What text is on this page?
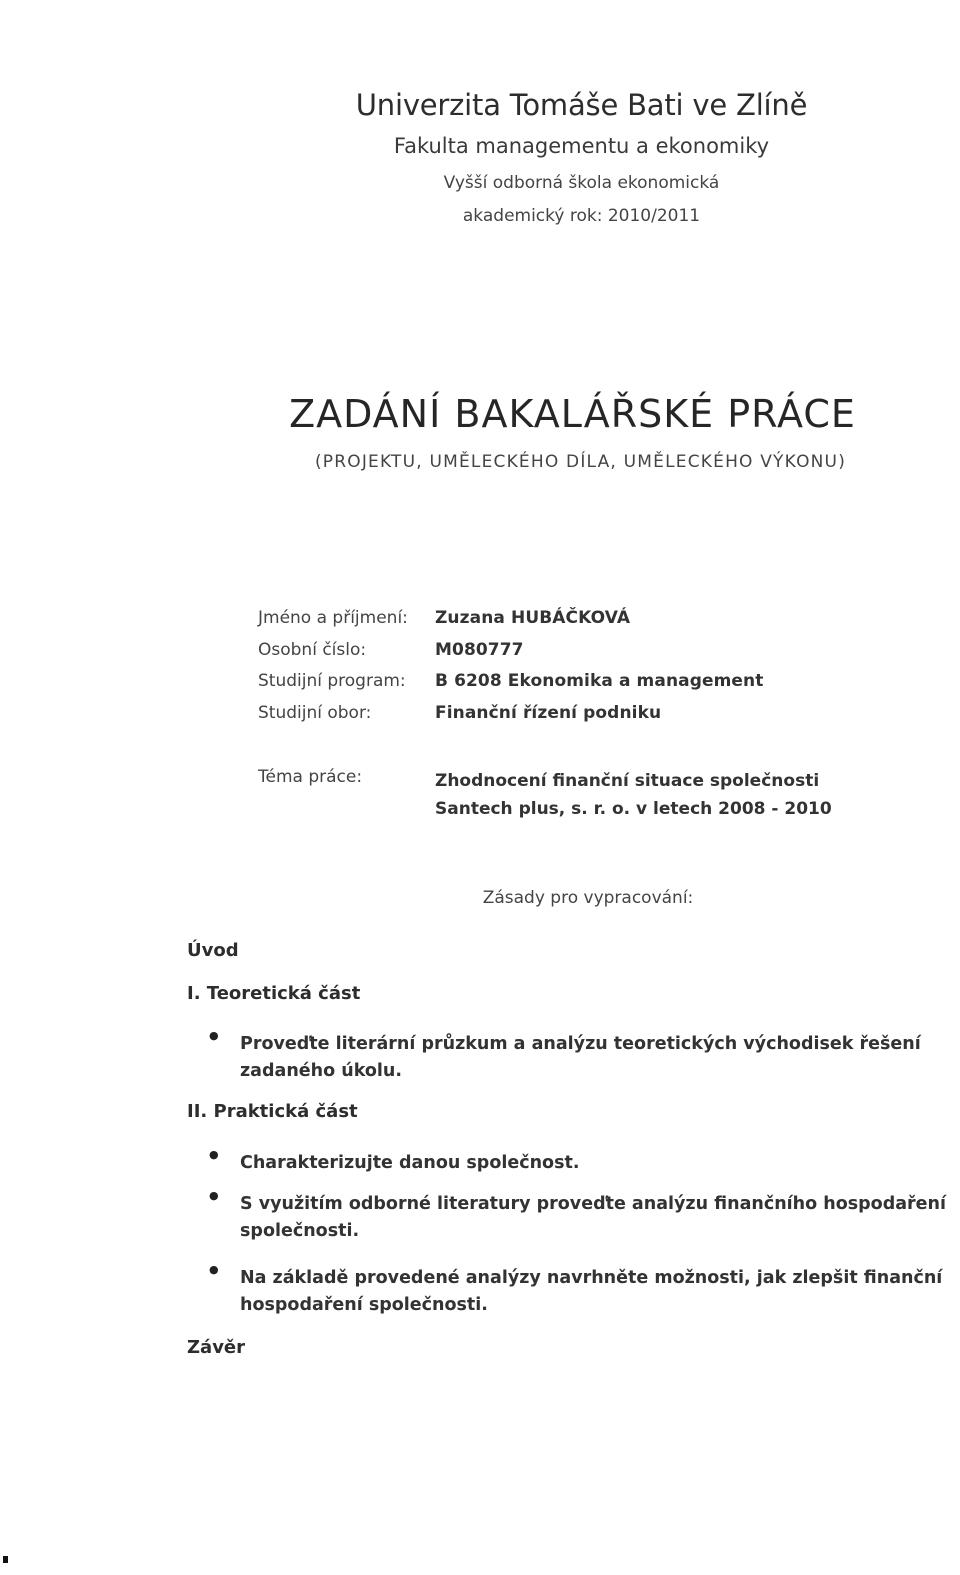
Univerzita Tomáše Bati ve Zlíně
Fakulta managementu a ekonomiky
Vyšší odborná škola ekonomická
akademický rok: 2010/2011
ZADÁNÍ BAKALÁŘSKÉ PRÁCE
(PROJEKTU, UMĚLECKÉHO DÍLA, UMĚLECKÉHO VÝKONU)
Jméno a příjmení: Zuzana HUBÁČKOVÁ
Osobní číslo:	M080777
Studijní program: B 6208 Ekonomika a management
Studijní obor:	Finanční řízení podniku
Téma práce:	Zhodnocení finanční situace společnosti Santech plus, s. r. o. v letech 2008 - 2010
Zásady pro vypracování:
Úvod
I. Teoretická část
● Proveďte literární průzkum a analýzu teoretických východisek řešení zadaného úkolu.
II. Praktická část
● Charakterizujte danou společnost.
● S využitím odborné literatury proveďte analýzu finančního hospodaření společnosti.
● Na základě provedené analýzy navrhněte možnosti, jak zlepšit finanční hospodaření společnosti.
Závěr
